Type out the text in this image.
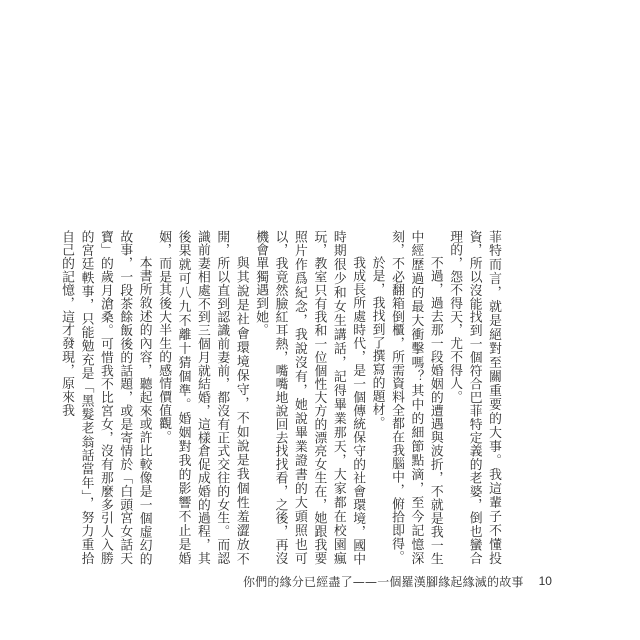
菲特而言，就是絕對至關重要的大事。我這輩子不懂投資，所以沒能找到一個符合巴菲特定義的老婆，倒也蠻合理的，怨不得天，尤不得人。

不過，過去那一段婚姻的遭遇與波折，不就是我一生中經歷過的最大衝擊嗎？其中的細節點滴，至今記憶深刻，不必翻箱倒櫃，所需資料全都在我腦中，俯拾即得。

於是，我找到了撰寫的題材。

我成長所處時代，是一個傳統保守的社會環境，國中時期很少和女生講話，記得畢業那天，大家都在校園瘋玩，教室只有我和一位個性大方的漂亮女生在，她跟我要照片作爲紀念，我說沒有，她說畢業證書的大頭照也可以，我竟然臉紅耳熱，嘴嘴地說回去找找看，之後，再沒機會單獨遇到她。

與其說是社會環境保守，不如說是我個性羞澀放不開，所以直到認識前妻前，都沒有正式交往的女生。而認識前妻相處不到三個月就結婚，這樣倉促成婚的過程，其後果就可八九不離十猜個準。婚姻對我的影響不止是婚姻，而是其後大半生的感情價值觀。

本書所敘述的內容，聽起來或許比較像是一個虛幻的故事，一段茶餘飯後的話題，或是寄情於「白頭宮女話天寶」的歲月滄桑。可惜我不比宮女，沒有那麼多引人入勝的宮廷軼事，只能勉充是「黑髮老翁話當年」，努力重拾自己的記憶，這才發現，原來我

你們的緣分已經盡了——一個羅漢腳緣起緣滅的故事 10
